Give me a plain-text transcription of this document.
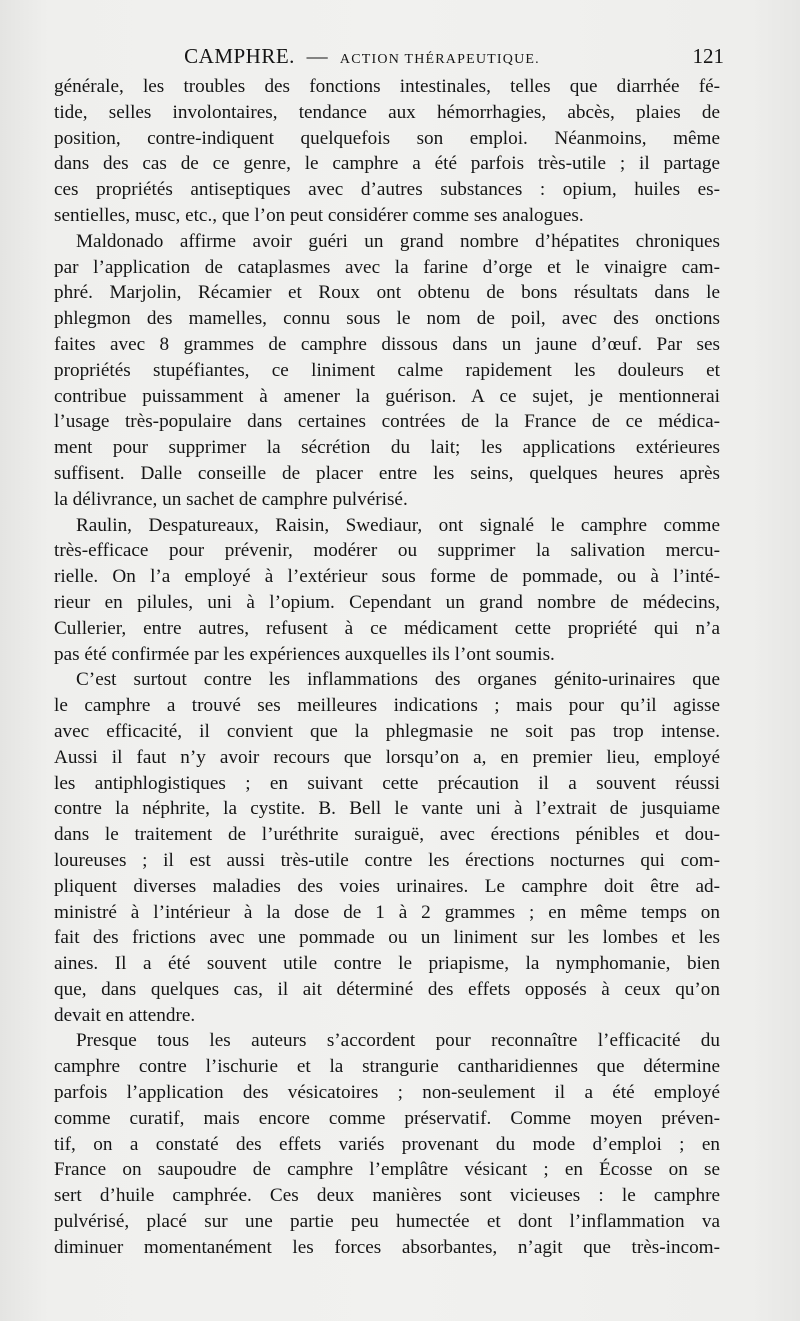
CAMPHRE. — ACTION THÉRAPEUTIQUE.	121
générale, les troubles des fonctions intestinales, telles que diarrhée fé-
tide, selles involontaires, tendance aux hémorrhagies, abcès, plaies de
position, contre-indiquent quelquefois son emploi. Néanmoins, même
dans des cas de ce genre, le camphre a été parfois très-utile ; il partage
ces propriétés antiseptiques avec d’autres substances : opium, huiles es-
sentielles, musc, etc., que l’on peut considérer comme ses analogues.
Maldonado affirme avoir guéri un grand nombre d’hépatites chroniques
par l’application de cataplasmes avec la farine d’orge et le vinaigre cam-
phré. Marjolin, Récamier et Roux ont obtenu de bons résultats dans le
phlegmon des mamelles, connu sous le nom de poil, avec des onctions
faites avec 8 grammes de camphre dissous dans un jaune d’œuf. Par ses
propriétés stupéfiantes, ce liniment calme rapidement les douleurs et
contribue puissamment à amener la guérison. A ce sujet, je mentionnerai
l’usage très-populaire dans certaines contrées de la France de ce médica-
ment pour supprimer la sécrétion du lait; les applications extérieures
suffisent. Dalle conseille de placer entre les seins, quelques heures après
la délivrance, un sachet de camphre pulvérisé.
Raulin, Despatureaux, Raisin, Swediaur, ont signalé le camphre comme
très-efficace pour prévenir, modérer ou supprimer la salivation mercu-
rielle. On l’a employé à l’extérieur sous forme de pommade, ou à l’inté-
rieur en pilules, uni à l’opium. Cependant un grand nombre de médecins,
Cullerier, entre autres, refusent à ce médicament cette propriété qui n’a
pas été confirmée par les expériences auxquelles ils l’ont soumis.
C’est surtout contre les inflammations des organes génito-urinaires que
le camphre a trouvé ses meilleures indications ; mais pour qu’il agisse
avec efficacité, il convient que la phlegmasie ne soit pas trop intense.
Aussi il faut n’y avoir recours que lorsqu’on a, en premier lieu, employé
les antiphlogistiques ; en suivant cette précaution il a souvent réussi
contre la néphrite, la cystite. B. Bell le vante uni à l’extrait de jusquiame
dans le traitement de l’uréthrite suraiguë, avec érections pénibles et dou-
loureuses ; il est aussi très-utile contre les érections nocturnes qui com-
pliquent diverses maladies des voies urinaires. Le camphre doit être ad-
ministré à l’intérieur à la dose de 1 à 2 grammes ; en même temps on
fait des frictions avec une pommade ou un liniment sur les lombes et les
aines. Il a été souvent utile contre le priapisme, la nymphomanie, bien
que, dans quelques cas, il ait déterminé des effets opposés à ceux qu’on
devait en attendre.
Presque tous les auteurs s’accordent pour reconnaître l’efficacité du
camphre contre l’ischurie et la strangurie cantharidiennes que détermine
parfois l’application des vésicatoires ; non-seulement il a été employé
comme curatif, mais encore comme préservatif. Comme moyen préven-
tif, on a constaté des effets variés provenant du mode d’emploi ; en
France on saupoudre de camphre l’emplâtre vésicant ; en Écosse on se
sert d’huile camphrée. Ces deux manières sont vicieuses : le camphre
pulvérisé, placé sur une partie peu humectée et dont l’inflammation va
diminuer momentanément les forces absorbantes, n’agit que très-incom-
